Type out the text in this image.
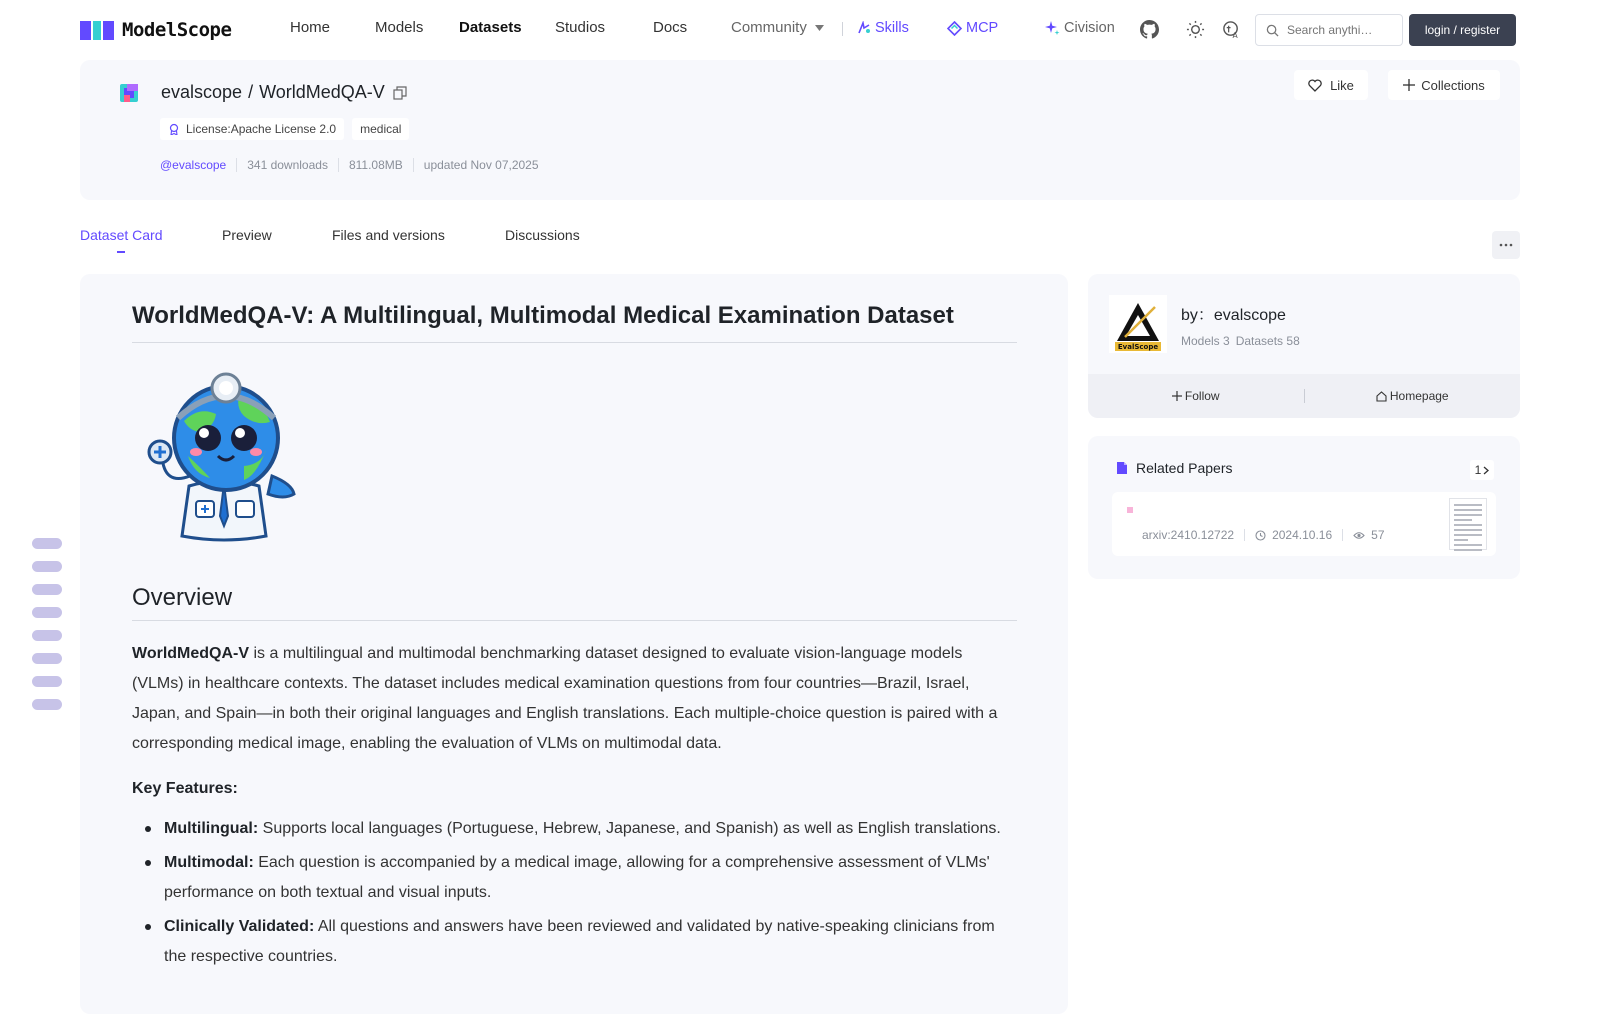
ModelScope	Home	Models Datasets Studios	Docs	Community	Skills	MCP	Civision	A
Search anythi…	login / register
evalscope / WorldMedQA-V
License:Apache License 2.0	medical
@evalscope	341 downloads	811.08MB	updated Nov 07,2025
Like	Collections
Dataset Card	Preview	Files and versions	Discussions
WorldMedQA-V: A Multilingual, Multimodal Medical Examination Dataset
Overview

WorldMedQA-V is a multilingual and multimodal benchmarking dataset designed to evaluate vision-language models (VLMs) in healthcare contexts. The dataset includes medical examination questions from four countries—Brazil, Israel, Japan, and Spain—in both their original languages and English translations. Each multiple-choice question is paired with a corresponding medical image, enabling the evaluation of VLMs on multimodal data.

Key Features:
Multilingual: Supports local languages (Portuguese, Hebrew, Japanese, and Spanish) as well as English translations.
Multimodal: Each question is accompanied by a medical image, allowing for a comprehensive assessment of VLMs' performance on both textual and visual inputs.
Clinically Validated: All questions and answers have been reviewed and validated by native-speaking clinicians from the respective countries.
EvalScope
by：evalscope
Models 3 Datasets 58
Follow	Homepage
Related Papers	1
arxiv:2410.12722	2024.10.16	57
